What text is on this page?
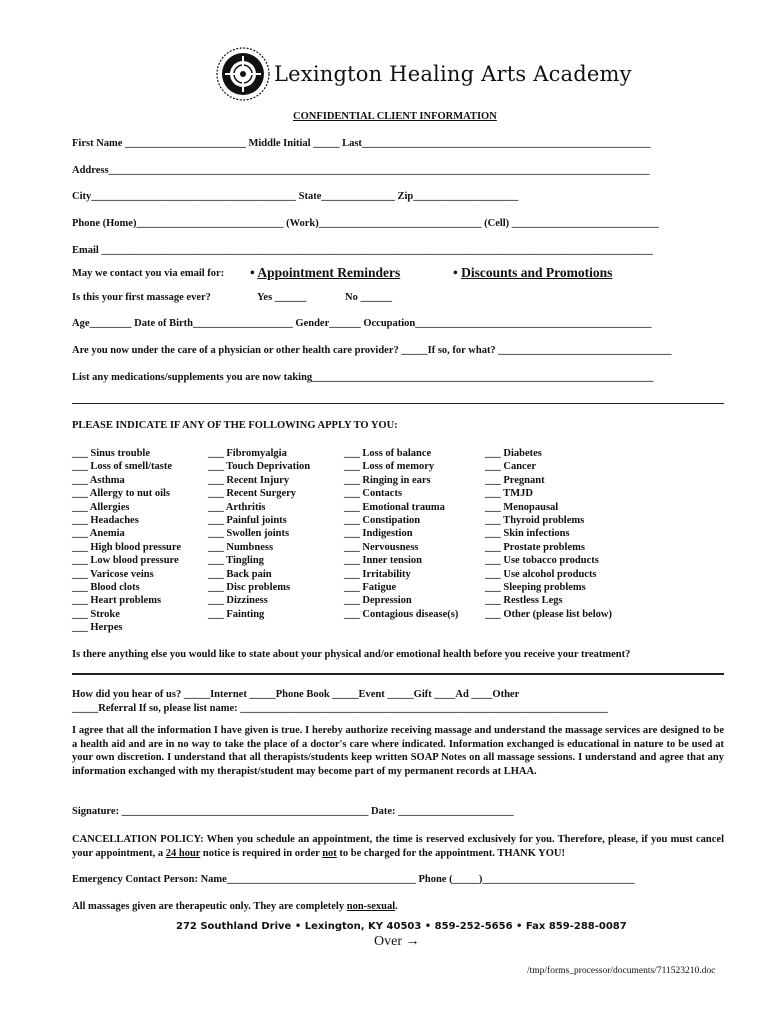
Lexington Healing Arts Academy
CONFIDENTIAL CLIENT INFORMATION
First Name _______________________ Middle Initial _____ Last_______________________________________________________
Address_______________________________________________________________________________________________________
City_______________________________________ State______________ Zip____________________
Phone (Home)____________________________ (Work)_______________________________ (Cell) ____________________________
Email _________________________________________________________________________________________________________
May we contact you via email for: • Appointment Reminders	• Discounts and Promotions
Is this your first massage ever?	Yes ______	No ______
Age________ Date of Birth___________________ Gender______ Occupation_____________________________________________
Are you now under the care of a physician or other health care provider? _____If so, for what? _________________________________
List any medications/supplements you are now taking_________________________________________________________________
PLEASE INDICATE IF ANY OF THE FOLLOWING APPLY TO YOU:
___ Sinus trouble
___ Loss of smell/taste
___ Asthma
___ Allergy to nut oils
___ Allergies
___ Headaches
___ Anemia
___ High blood pressure
___ Low blood pressure
___ Varicose veins
___ Blood clots
___ Heart problems
___ Stroke
___ Herpes
___ Fibromyalgia
___ Touch Deprivation
___ Recent Injury
___ Recent Surgery
___ Arthritis
___ Painful joints
___ Swollen joints
___ Numbness
___ Tingling
___ Back pain
___ Disc problems
___ Dizziness
___ Fainting
___ Loss of balance
___ Loss of memory
___ Ringing in ears
___ Contacts
___ Emotional trauma
___ Constipation
___ Indigestion
___ Nervousness
___ Inner tension
___ Irritability
___ Fatigue
___ Depression
___ Contagious disease(s)
___ Diabetes
___ Cancer
___ Pregnant
___ TMJD
___ Menopausal
___ Thyroid problems
___ Skin infections
___ Prostate problems
___ Use tobacco products
___ Use alcohol products
___ Sleeping problems
___ Restless Legs
___ Other (please list below)
Is there anything else you would like to state about your physical and/or emotional health before you receive your treatment?
How did you hear of us? _____Internet _____Phone Book _____Event _____Gift ____Ad ____Other
_____Referral If so, please list name: ______________________________________________________________________
I agree that all the information I have given is true. I hereby authorize receiving massage and understand the massage services are designed to be a health aid and are in no way to take the place of a doctor's care where indicated. Information exchanged is educational in nature to be used at your own discretion. I understand that all therapists/students keep written SOAP Notes on all massage sessions. I understand and agree that any information exchanged with my therapist/student may become part of my permanent records at LHAA.
Signature: _______________________________________________ Date: ______________________
CANCELLATION POLICY: When you schedule an appointment, the time is reserved exclusively for you. Therefore, please, if you must cancel your appointment, a 24 hour notice is required in order not to be charged for the appointment. THANK YOU!
Emergency Contact Person: Name____________________________________ Phone (_____)_____________________________
All massages given are therapeutic only. They are completely non-sexual.
272 Southland Drive • Lexington, KY 40503 • 859-252-5656 • Fax 859-288-0087
Over →
/tmp/forms_processor/documents/711523210.doc
